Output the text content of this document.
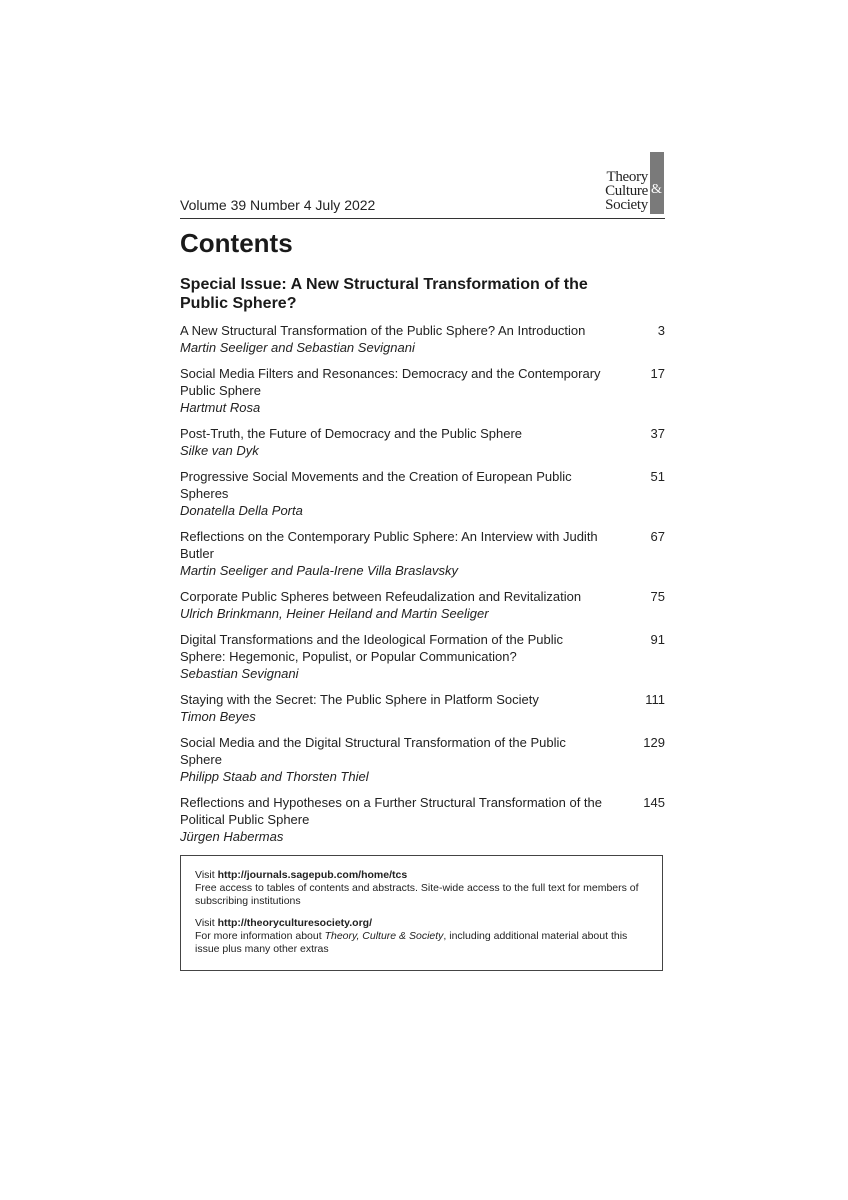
Theory
Culture &
Society
Volume 39 Number 4 July 2022
Contents
Special Issue: A New Structural Transformation of the Public Sphere?
A New Structural Transformation of the Public Sphere? An Introduction
Martin Seeliger and Sebastian Sevignani
3
Social Media Filters and Resonances: Democracy and the Contemporary Public Sphere
Hartmut Rosa
17
Post-Truth, the Future of Democracy and the Public Sphere
Silke van Dyk
37
Progressive Social Movements and the Creation of European Public Spheres
Donatella Della Porta
51
Reflections on the Contemporary Public Sphere: An Interview with Judith Butler
Martin Seeliger and Paula-Irene Villa Braslavsky
67
Corporate Public Spheres between Refeudalization and Revitalization
Ulrich Brinkmann, Heiner Heiland and Martin Seeliger
75
Digital Transformations and the Ideological Formation of the Public Sphere: Hegemonic, Populist, or Popular Communication?
Sebastian Sevignani
91
Staying with the Secret: The Public Sphere in Platform Society
Timon Beyes
111
Social Media and the Digital Structural Transformation of the Public Sphere
Philipp Staab and Thorsten Thiel
129
Reflections and Hypotheses on a Further Structural Transformation of the Political Public Sphere
Jürgen Habermas
145

Visit http://journals.sagepub.com/home/tcs

Free access to tables of contents and abstracts. Site-wide access to the full text for members of subscribing institutions

Visit http://theoryculturesociety.org/

For more information about Theory, Culture & Society, including additional material about this issue plus many other extras
